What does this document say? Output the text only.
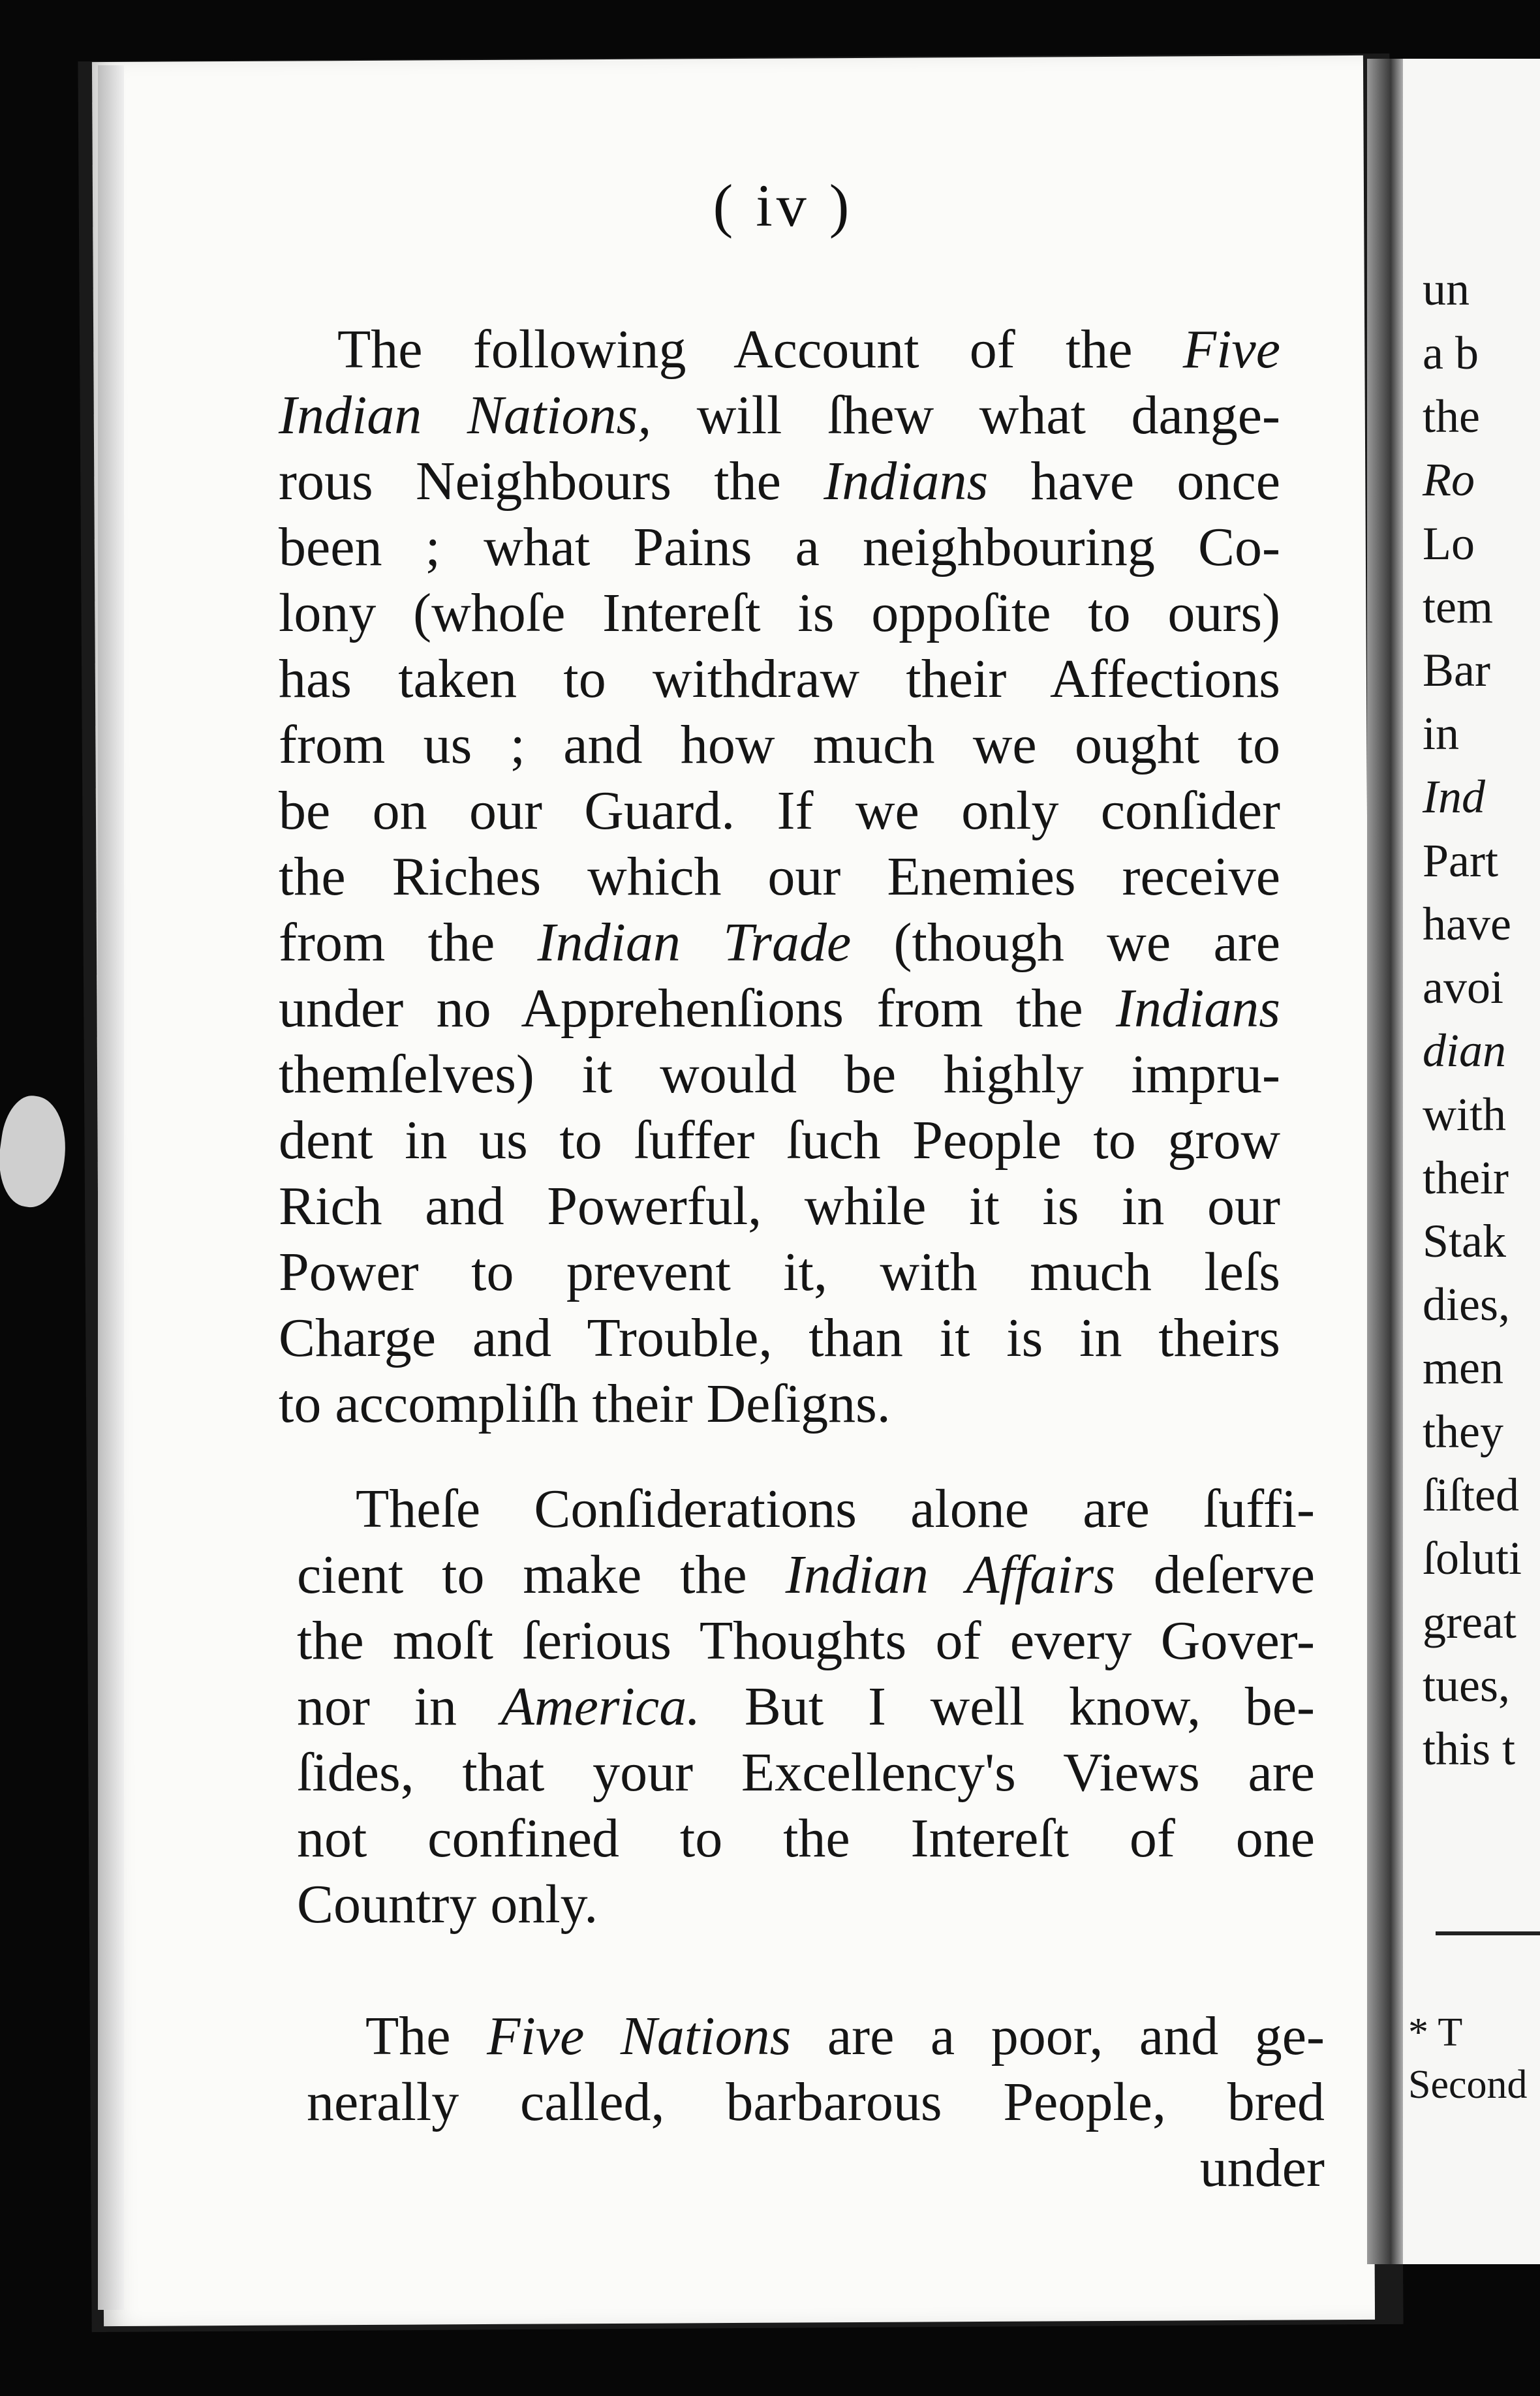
( iv )
The following Account of the Five
Indian Nations, will ſhew what dange-
rous Neighbours the Indians have once
been ; what Pains a neighbouring Co-
lony (whoſe Intereſt is oppoſite to ours)
has taken to withdraw their Affections
from us ; and how much we ought to
be on our Guard. If we only conſider
the Riches which our Enemies receive
from the Indian Trade (though we are
under no Apprehenſions from the Indians
themſelves) it would be highly impru-
dent in us to ſuffer ſuch People to grow
Rich and Powerful, while it is in our
Power to prevent it, with much leſs
Charge and Trouble, than it is in theirs
to accompliſh their Deſigns.
Theſe Conſiderations alone are ſuffi-
cient to make the Indian Affairs deſerve
the moſt ſerious Thoughts of every Gover-
nor in America. But I well know, be-
ſides, that your Excellency's Views are
not confined to the Intereſt of one
Country only.
The Five Nations are a poor, and ge-
nerally called, barbarous People, bred
under
un
a b
the
Ro
Lo
tem
Bar
in
Ind
Part
have
avoi
dian
with
their
Stak
dies,
men
they
ſiſted
ſoluti
great
tues,
this t
* T
Second
